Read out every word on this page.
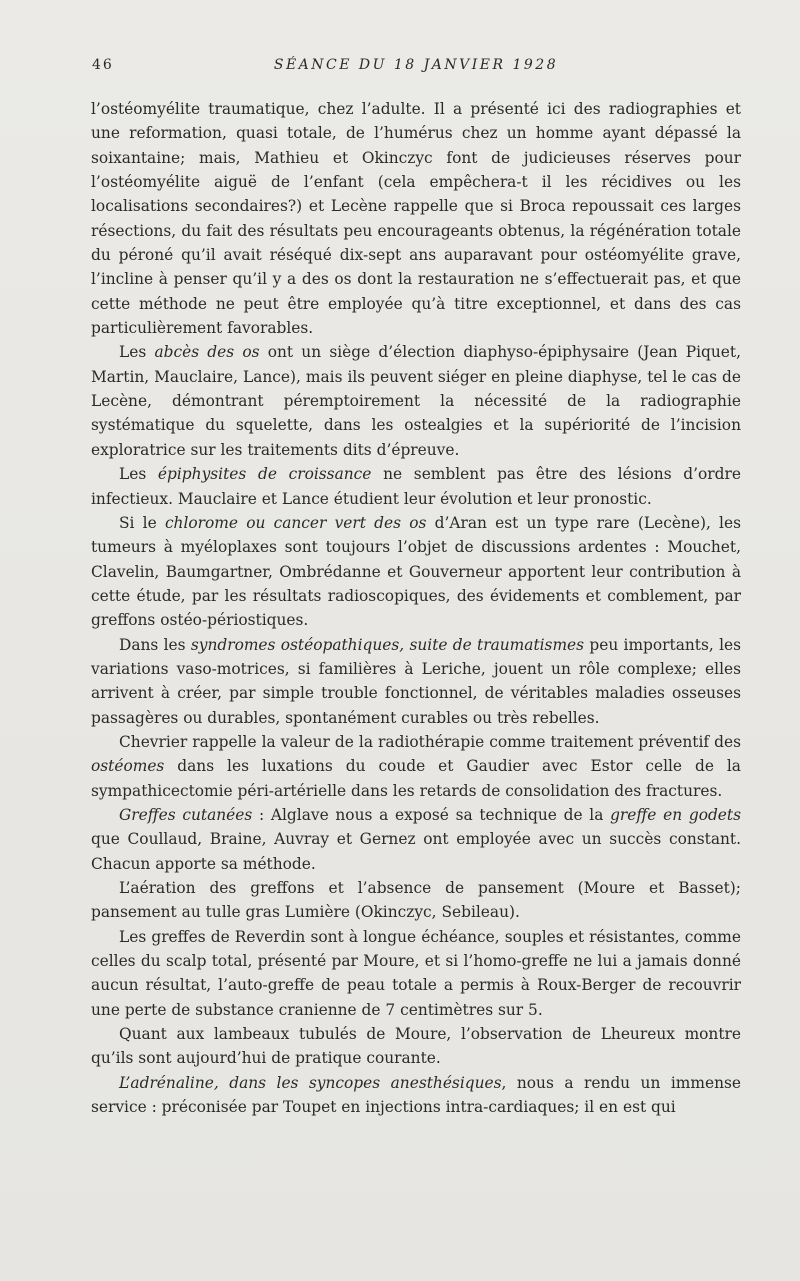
46	SÉANCE DU 18 JANVIER 1928

l’ostéomyélite traumatique, chez l’adulte. Il a présenté ici des radiographies et une reformation, quasi totale, de l’humérus chez un homme ayant dépassé la soixantaine; mais, Mathieu et Okinczyc font de judicieuses réserves pour l’ostéomyélite aiguë de l’enfant (cela empêchera-t il les récidives ou les localisations secondaires?) et Lecène rappelle que si Broca repoussait ces larges résections, du fait des résultats peu encourageants obtenus, la régénération totale du péroné qu’il avait réséqué dix-sept ans auparavant pour ostéomyélite grave, l’incline à penser qu’il y a des os dont la restauration ne s’effectuerait pas, et que cette méthode ne peut être employée qu’à titre exceptionnel, et dans des cas particulièrement favorables.

Les abcès des os ont un siège d’élection diaphyso-épiphysaire (Jean Piquet, Martin, Mauclaire, Lance), mais ils peuvent siéger en pleine diaphyse, tel le cas de Lecène, démontrant péremptoirement la nécessité de la radiographie systématique du squelette, dans les ostealgies et la supériorité de l’incision exploratrice sur les traitements dits d’épreuve.

Les épiphysites de croissance ne semblent pas être des lésions d’ordre infectieux. Mauclaire et Lance étudient leur évolution et leur pronostic.

Si le chlorome ou cancer vert des os d’Aran est un type rare (Lecène), les tumeurs à myéloplaxes sont toujours l’objet de discussions ardentes : Mouchet, Clavelin, Baumgartner, Ombrédanne et Gouverneur apportent leur contribution à cette étude, par les résultats radioscopiques, des évidements et comblement, par greffons ostéo-périostiques.

Dans les syndromes ostéopathiques, suite de traumatismes peu importants, les variations vaso-motrices, si familières à Leriche, jouent un rôle complexe; elles arrivent à créer, par simple trouble fonctionnel, de véritables maladies osseuses passagères ou durables, spontanément curables ou très rebelles.

Chevrier rappelle la valeur de la radiothérapie comme traitement préventif des ostéomes dans les luxations du coude et Gaudier avec Estor celle de la sympathicectomie péri-artérielle dans les retards de consolidation des fractures.

Greffes cutanées : Alglave nous a exposé sa technique de la greffe en godets que Coullaud, Braine, Auvray et Gernez ont employée avec un succès constant. Chacun apporte sa méthode.

L’aération des greffons et l’absence de pansement (Moure et Basset); pansement au tulle gras Lumière (Okinczyc, Sebileau).

Les greffes de Reverdin sont à longue échéance, souples et résistantes, comme celles du scalp total, présenté par Moure, et si l’homo-greffe ne lui a jamais donné aucun résultat, l’auto-greffe de peau totale a permis à Roux-Berger de recouvrir une perte de substance cranienne de 7 centimètres sur 5.

Quant aux lambeaux tubulés de Moure, l’observation de Lheureux montre qu’ils sont aujourd’hui de pratique courante.

L’adrénaline, dans les syncopes anesthésiques, nous a rendu un immense service : préconisée par Toupet en injections intra-cardiaques; il en est qui
